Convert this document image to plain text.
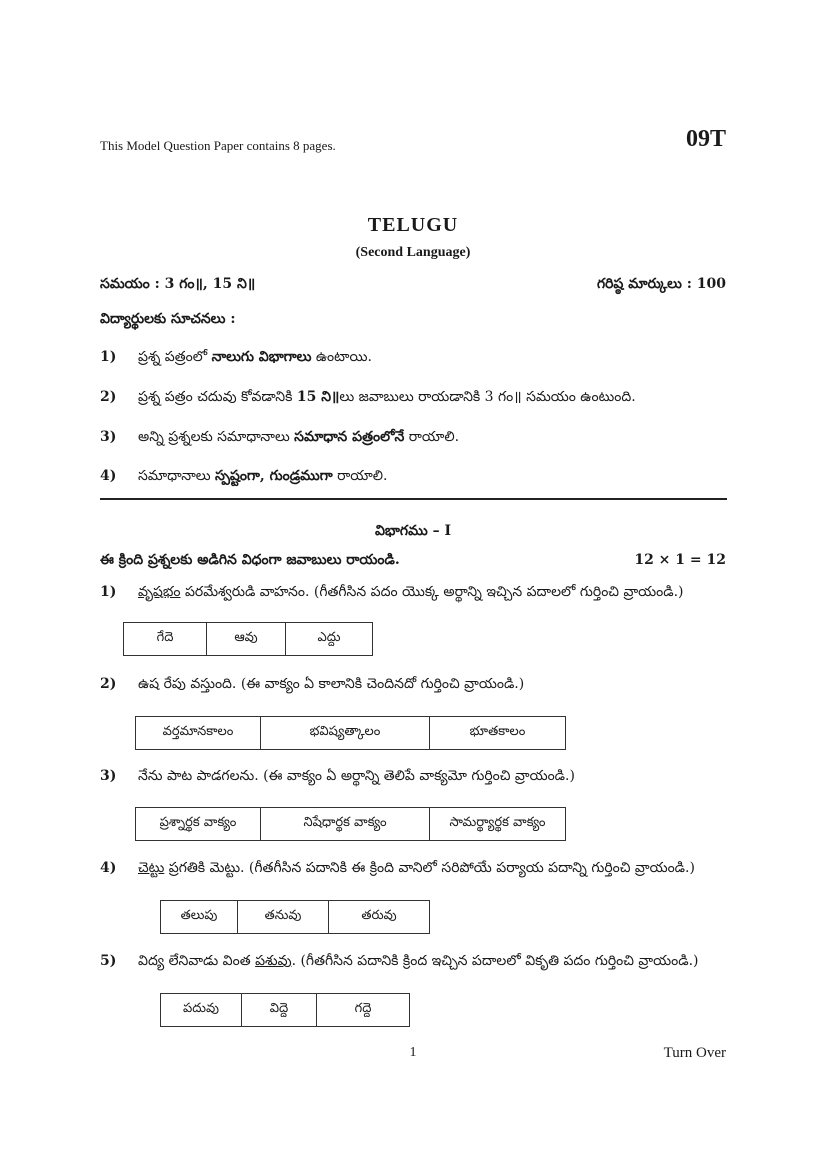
This Model Question Paper contains 8 pages.	09T
TELUGU
(Second Language)
సమయం : 3 గం॥, 15 ని॥	గరిష్ఠ మార్కులు : 100
విద్యార్థులకు సూచనలు :
1) ప్రశ్న పత్రంలో నాలుగు విభాగాలు ఉంటాయి.
2) ప్రశ్న పత్రం చదువు కోవడానికి 15 ని॥లు జవాబులు రాయడానికి 3 గం॥ సమయం ఉంటుంది.
3) అన్ని ప్రశ్నలకు సమాధానాలు సమాధాన పత్రంలోనే రాయాలి.
4) సమాధానాలు స్పష్టంగా, గుండ్రముగా రాయాలి.
విభాగము – I
ఈ క్రింది ప్రశ్నలకు అడిగిన విధంగా జవాబులు రాయండి.	12 × 1 = 12
1) వృషభం పరమేశ్వరుడి వాహనం. (గీతగీసిన పదం యొక్క అర్థాన్ని ఇచ్చిన పదాలలో గుర్తించి వ్రాయండి.)
గేదె	ఆవు	ఎద్దు
2) ఉష రేపు వస్తుంది. (ఈ వాక్యం ఏ కాలానికి చెందినదో గుర్తించి వ్రాయండి.)
వర్తమానకాలం	భవిష్యత్కాలం	భూతకాలం
3) నేను పాట పాడగలను. (ఈ వాక్యం ఏ అర్థాన్ని తెలిపే వాక్యమో గుర్తించి వ్రాయండి.)
ప్రశ్నార్థక వాక్యం	నిషేధార్థక వాక్యం	సామర్థ్యార్థక వాక్యం
4) చెట్టు ప్రగతికి మెట్టు. (గీతగీసిన పదానికి ఈ క్రింది వానిలో సరిపోయే పర్యాయ పదాన్ని గుర్తించి వ్రాయండి.)
తలుపు	తనువు	తరువు
5) విద్య లేనివాడు వింత పశువు. (గీతగీసిన పదానికి క్రింద ఇచ్చిన పదాలలో వికృతి పదం గుర్తించి వ్రాయండి.)
పదువు	విద్దె	గద్దె
1	Turn Over
